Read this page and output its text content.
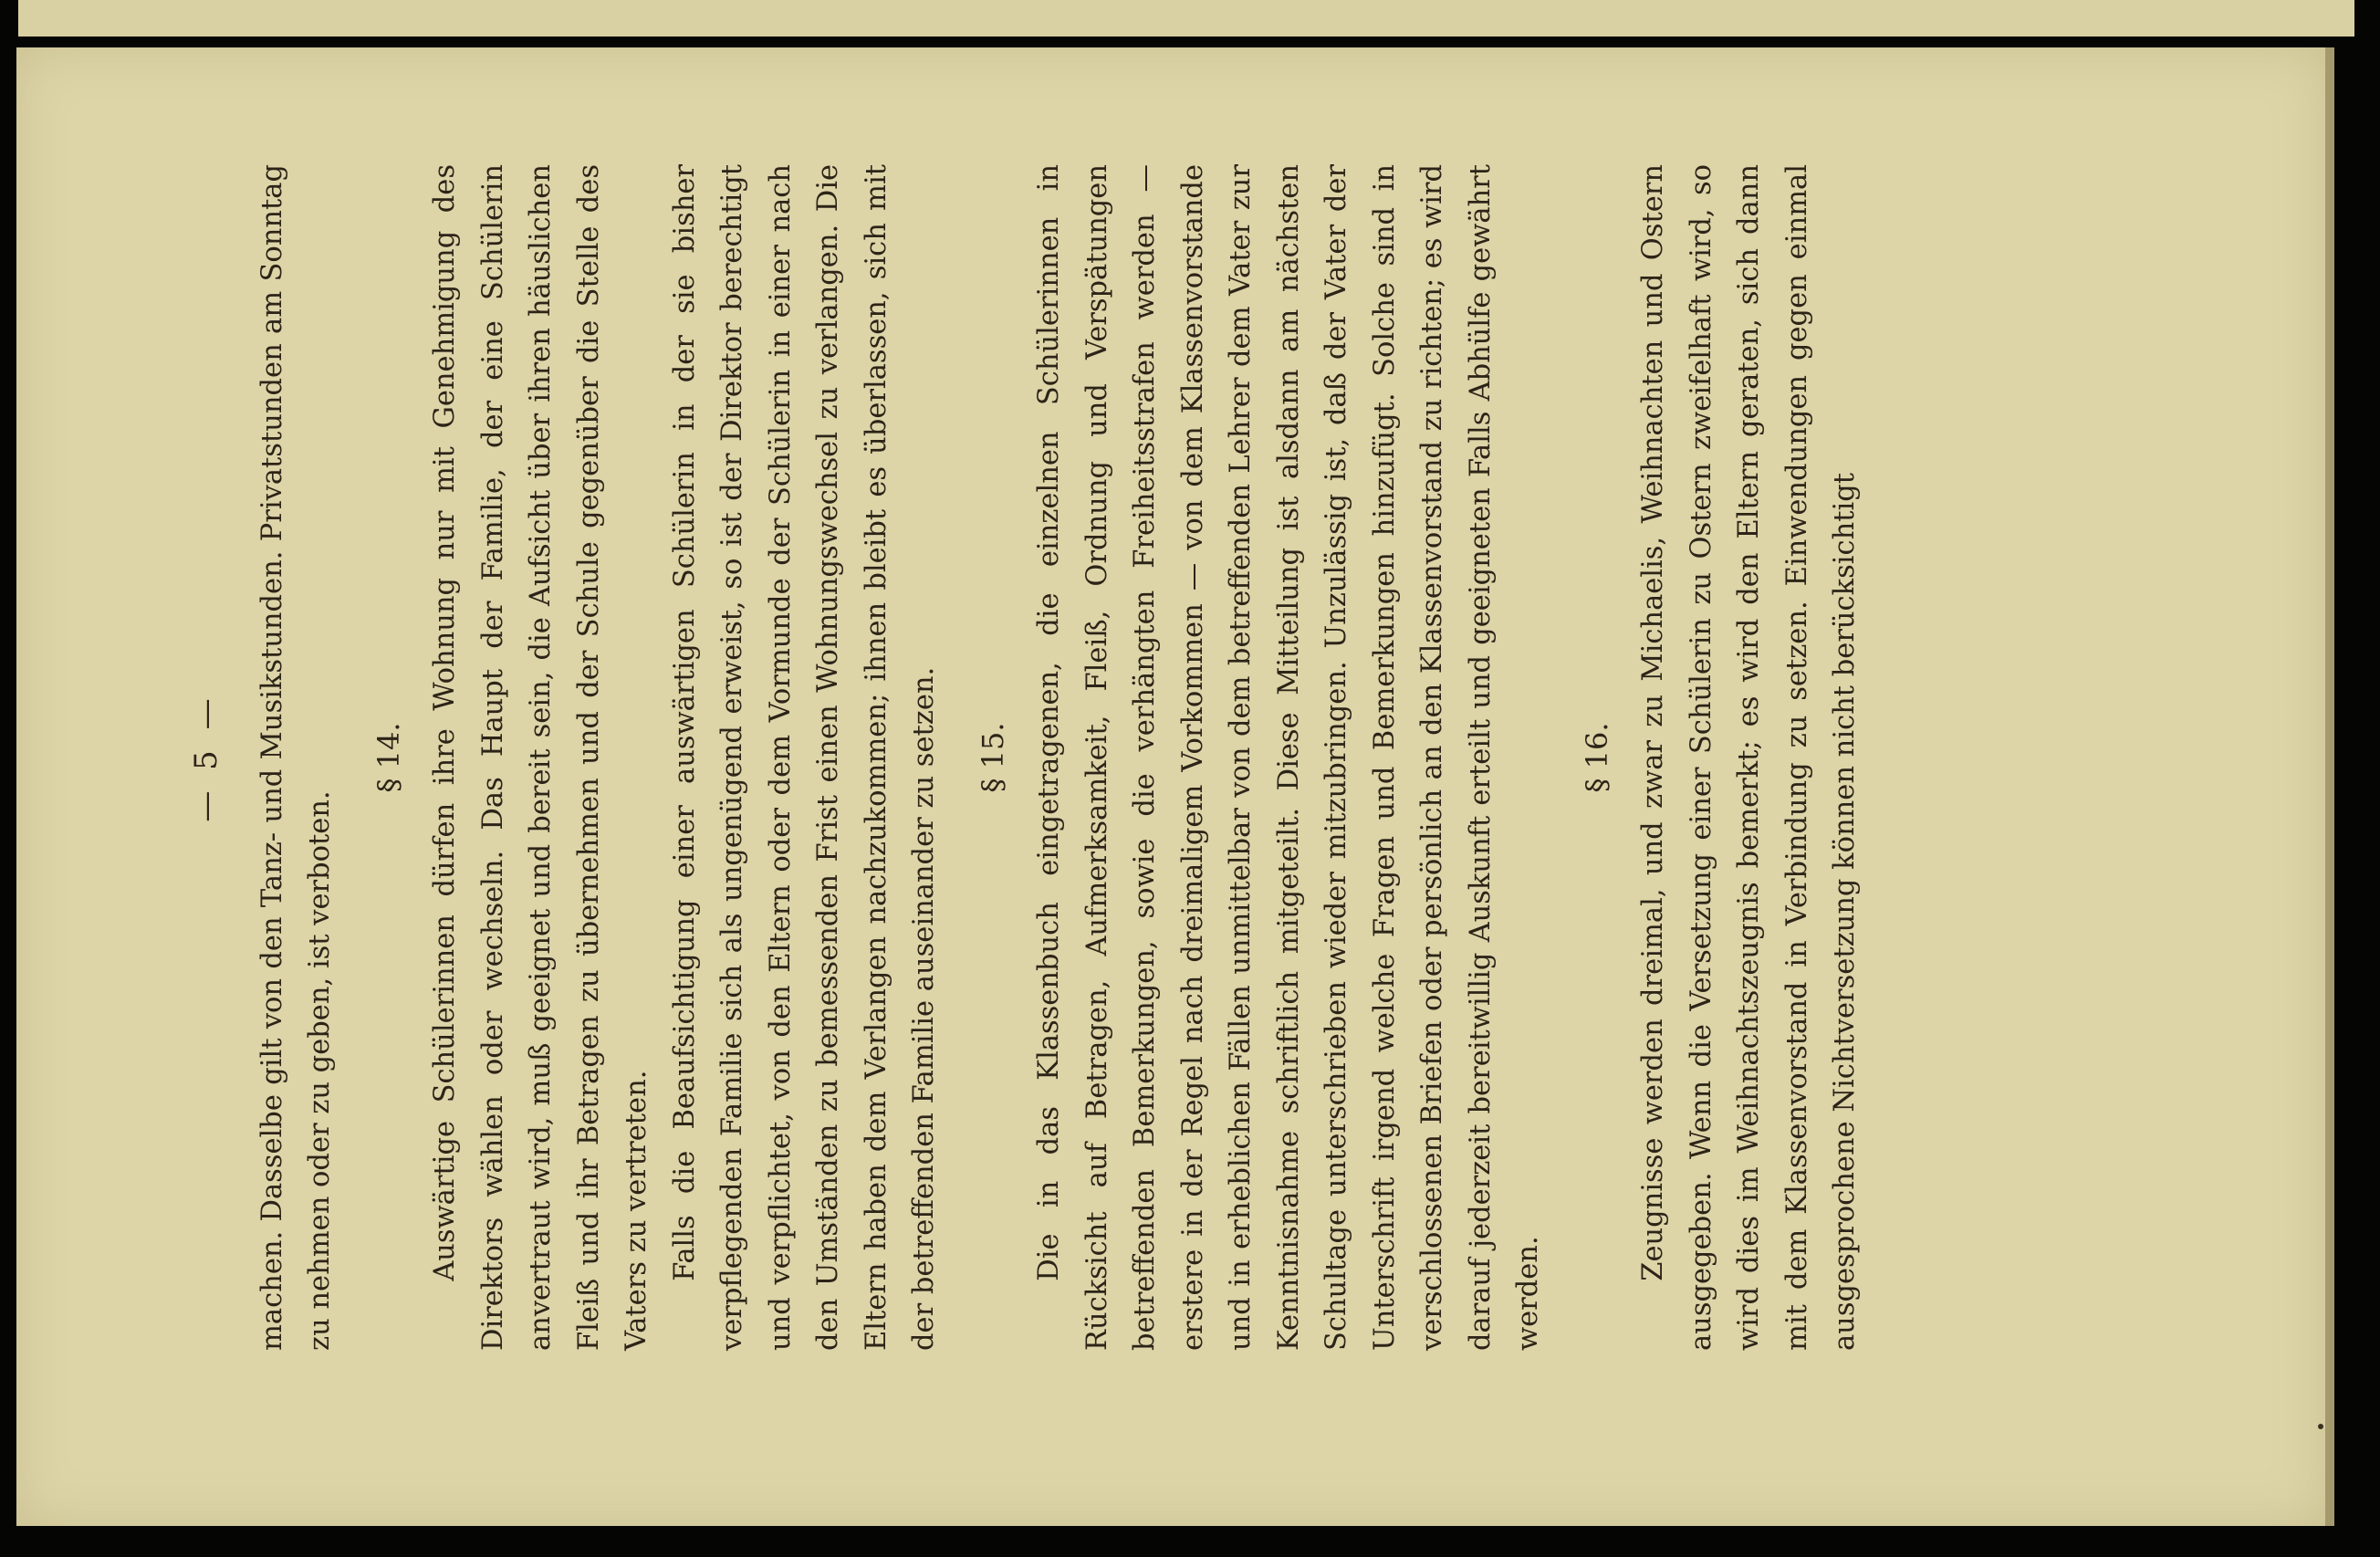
— 5 — machen. Dasselbe gilt von den Tanz- und Musikstunden. Privatstunden am Sonntag zu nehmen oder zu geben, ist verboten.

§ 14. Auswärtige Schülerinnen dürfen ihre Wohnung nur mit Genehmigung des Direktors wählen oder wechseln. Das Haupt der Familie, der eine Schülerin anvertraut wird, muß geeignet und bereit sein, die Aufsicht über ihren häuslichen Fleiß und ihr Betragen zu übernehmen und der Schule gegenüber die Stelle des Vaters zu vertreten. Falls die Beaufsichtigung einer auswärtigen Schülerin in der sie bisher verpflegenden Familie sich als ungenügend erweist, so ist der Direktor berechtigt und verpflichtet, von den Eltern oder dem Vormunde der Schülerin in einer nach den Umständen zu bemessenden Frist einen Wohnungswechsel zu verlangen. Die Eltern haben dem Verlangen nachzukommen; ihnen bleibt es überlassen, sich mit der betreffenden Familie auseinander zu setzen. § 15. Die in das Klassenbuch eingetragenen, die einzelnen Schülerinnen in Rücksicht auf Betragen, Aufmerksamkeit, Fleiß, Ordnung und Verspätungen betreffenden Bemerkungen, sowie die verhängten Freiheitsstrafen werden — erstere in der Regel nach dreimaligem Vorkommen — von dem Klassenvorstande und in erheblichen Fällen unmittelbar von dem betreffenden Lehrer dem Vater zur Kenntnisnahme schriftlich mitgeteilt. Diese Mitteilung ist alsdann am nächsten Schultage unterschrieben wieder mitzubringen. Unzulässig ist, daß der Vater der Unterschrift irgend welche Fragen und Bemerkungen hinzufügt. Solche sind in verschlossenen Briefen oder persönlich an den Klassenvorstand zu richten; es wird darauf jederzeit bereitwillig Auskunft erteilt und geeigneten Falls Abhülfe gewährt werden.

§ 16. Zeugnisse werden dreimal, und zwar zu Michaelis, Weihnachten und Ostern ausgegeben. Wenn die Versetzung einer Schülerin zu Ostern zweifelhaft wird, so wird dies im Weihnachtszeugnis bemerkt; es wird den Eltern geraten, sich dann mit dem Klassenvorstand in Verbindung zu setzen. Einwendungen gegen einmal ausgesprochene Nichtversetzung können nicht berücksichtigt
